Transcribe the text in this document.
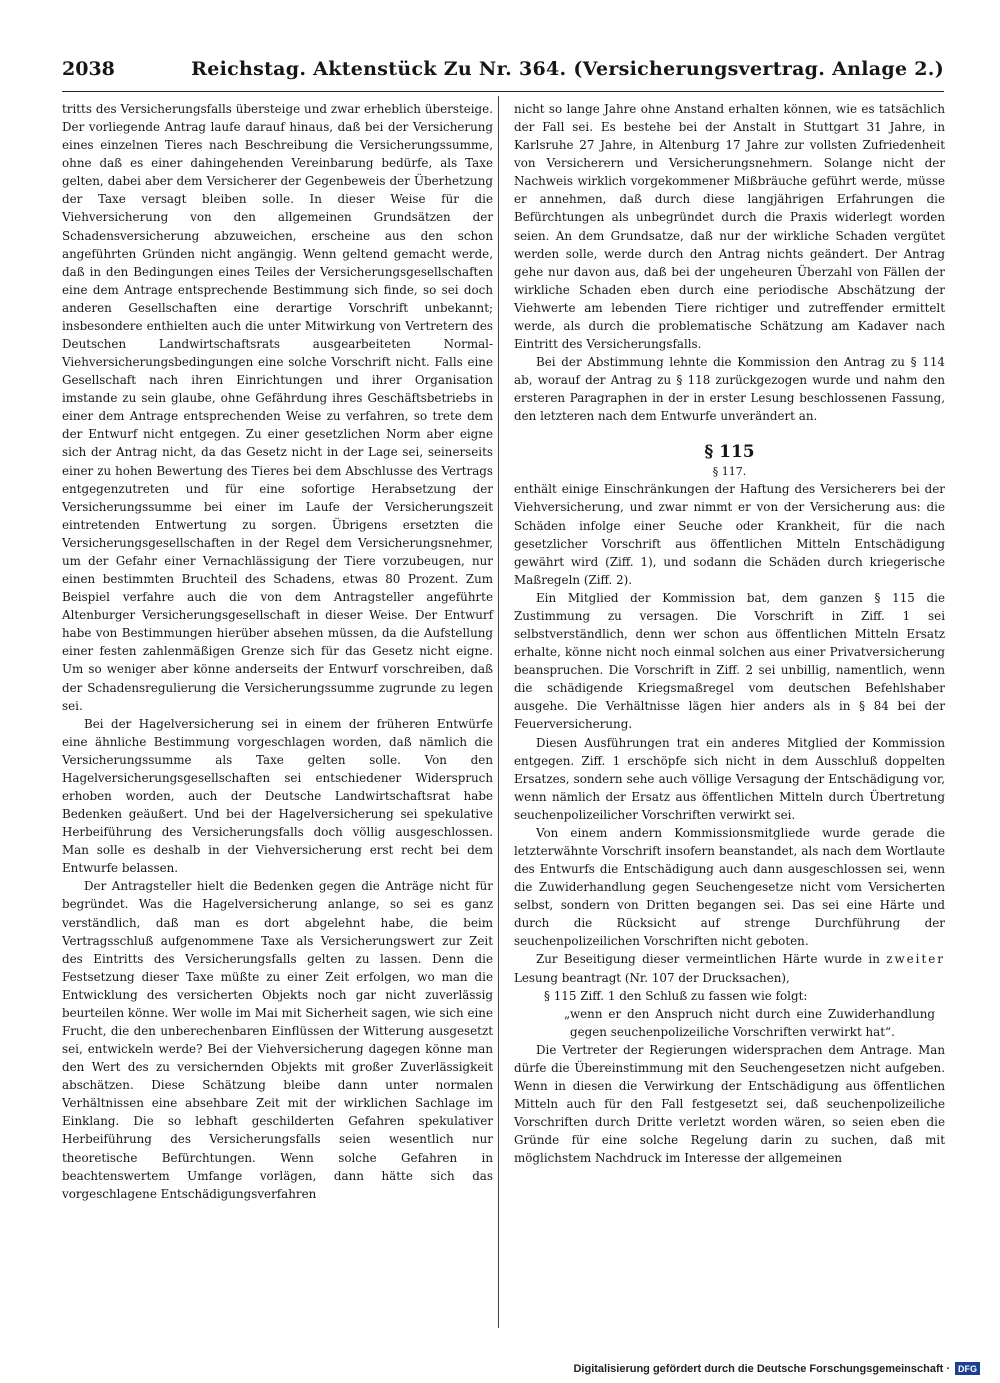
2038	Reichstag. Aktenstück Zu Nr. 364. (Versicherungsvertrag. Anlage 2.)

tritts des Versicherungsfalls übersteige und zwar erheblich übersteige. Der vorliegende Antrag laufe darauf hinaus, daß bei der Versicherung eines einzelnen Tieres nach Beschreibung die Versicherungssumme, ohne daß es einer dahingehenden Vereinbarung bedürfe, als Taxe gelten, dabei aber dem Versicherer der Gegenbeweis der Überhetzung der Taxe versagt bleiben solle. In dieser Weise für die Viehversicherung von den allgemeinen Grundsätzen der Schadensversicherung abzuweichen, erscheine aus den schon angeführten Gründen nicht angängig. Wenn geltend gemacht werde, daß in den Bedingungen eines Teiles der Versicherungsgesellschaften eine dem Antrage entsprechende Bestimmung sich finde, so sei doch anderen Gesellschaften eine derartige Vorschrift unbekannt; insbesondere enthielten auch die unter Mitwirkung von Vertretern des Deutschen Landwirtschaftsrats ausgearbeiteten Normal-Viehversicherungsbedingungen eine solche Vorschrift nicht. Falls eine Gesellschaft nach ihren Einrichtungen und ihrer Organisation imstande zu sein glaube, ohne Gefährdung ihres Geschäftsbetriebs in einer dem Antrage entsprechenden Weise zu verfahren, so trete dem der Entwurf nicht entgegen. Zu einer gesetzlichen Norm aber eigne sich der Antrag nicht, da das Gesetz nicht in der Lage sei, seinerseits einer zu hohen Bewertung des Tieres bei dem Abschlusse des Vertrags entgegenzutreten und für eine sofortige Herabsetzung der Versicherungssumme bei einer im Laufe der Versicherungszeit eintretenden Entwertung zu sorgen. Übrigens ersetzten die Versicherungsgesellschaften in der Regel dem Versicherungsnehmer, um der Gefahr einer Vernachlässigung der Tiere vorzubeugen, nur einen bestimmten Bruchteil des Schadens, etwas 80 Prozent. Zum Beispiel verfahre auch die von dem Antragsteller angeführte Altenburger Versicherungsgesellschaft in dieser Weise. Der Entwurf habe von Bestimmungen hierüber absehen müssen, da die Aufstellung einer festen zahlenmäßigen Grenze sich für das Gesetz nicht eigne. Um so weniger aber könne anderseits der Entwurf vorschreiben, daß der Schadensregulierung die Versicherungssumme zugrunde zu legen sei.

Bei der Hagelversicherung sei in einem der früheren Entwürfe eine ähnliche Bestimmung vorgeschlagen worden, daß nämlich die Versicherungssumme als Taxe gelten solle. Von den Hagelversicherungsgesellschaften sei entschiedener Widerspruch erhoben worden, auch der Deutsche Landwirtschaftsrat habe Bedenken geäußert. Und bei der Hagelversicherung sei spekulative Herbeiführung des Versicherungsfalls doch völlig ausgeschlossen. Man solle es deshalb in der Viehversicherung erst recht bei dem Entwurfe belassen.

Der Antragsteller hielt die Bedenken gegen die Anträge nicht für begründet. Was die Hagelversicherung anlange, so sei es ganz verständlich, daß man es dort abgelehnt habe, die beim Vertragsschluß aufgenommene Taxe als Versicherungswert zur Zeit des Eintritts des Versicherungsfalls gelten zu lassen. Denn die Festsetzung dieser Taxe müßte zu einer Zeit erfolgen, wo man die Entwicklung des versicherten Objekts noch gar nicht zuverlässig beurteilen könne. Wer wolle im Mai mit Sicherheit sagen, wie sich eine Frucht, die den unberechenbaren Einflüssen der Witterung ausgesetzt sei, entwickeln werde? Bei der Viehversicherung dagegen könne man den Wert des zu versichernden Objekts mit großer Zuverlässigkeit abschätzen. Diese Schätzung bleibe dann unter normalen Verhältnissen eine absehbare Zeit mit der wirklichen Sachlage im Einklang. Die so lebhaft geschilderten Gefahren spekulativer Herbeiführung des Versicherungsfalls seien wesentlich nur theoretische Befürchtungen. Wenn solche Gefahren in beachtenswertem Umfange vorlägen, dann hätte sich das vorgeschlagene Entschädigungsverfahren

nicht so lange Jahre ohne Anstand erhalten können, wie es tatsächlich der Fall sei. Es bestehe bei der Anstalt in Stuttgart 31 Jahre, in Karlsruhe 27 Jahre, in Altenburg 17 Jahre zur vollsten Zufriedenheit von Versicherern und Versicherungsnehmern. Solange nicht der Nachweis wirklich vorgekommener Mißbräuche geführt werde, müsse er annehmen, daß durch diese langjährigen Erfahrungen die Befürchtungen als unbegründet durch die Praxis widerlegt worden seien. An dem Grundsatze, daß nur der wirkliche Schaden vergütet werden solle, werde durch den Antrag nichts geändert. Der Antrag gehe nur davon aus, daß bei der ungeheuren Überzahl von Fällen der wirkliche Schaden eben durch eine periodische Abschätzung der Viehwerte am lebenden Tiere richtiger und zutreffender ermittelt werde, als durch die problematische Schätzung am Kadaver nach Eintritt des Versicherungsfalls.

Bei der Abstimmung lehnte die Kommission den Antrag zu § 114 ab, worauf der Antrag zu § 118 zurückgezogen wurde und nahm den ersteren Paragraphen in der in erster Lesung beschlossenen Fassung, den letzteren nach dem Entwurfe unverändert an.

§ 115
§ 117.

enthält einige Einschränkungen der Haftung des Versicherers bei der Viehversicherung, und zwar nimmt er von der Versicherung aus: die Schäden infolge einer Seuche oder Krankheit, für die nach gesetzlicher Vorschrift aus öffentlichen Mitteln Entschädigung gewährt wird (Ziff. 1), und sodann die Schäden durch kriegerische Maßregeln (Ziff. 2).

Ein Mitglied der Kommission bat, dem ganzen § 115 die Zustimmung zu versagen. Die Vorschrift in Ziff. 1 sei selbstverständlich, denn wer schon aus öffentlichen Mitteln Ersatz erhalte, könne nicht noch einmal solchen aus einer Privatversicherung beanspruchen. Die Vorschrift in Ziff. 2 sei unbillig, namentlich, wenn die schädigende Kriegsmaßregel vom deutschen Befehlshaber ausgehe. Die Verhältnisse lägen hier anders als in § 84 bei der Feuerversicherung.

Diesen Ausführungen trat ein anderes Mitglied der Kommission entgegen. Ziff. 1 erschöpfe sich nicht in dem Ausschluß doppelten Ersatzes, sondern sehe auch völlige Versagung der Entschädigung vor, wenn nämlich der Ersatz aus öffentlichen Mitteln durch Übertretung seuchenpolizeilicher Vorschriften verwirkt sei.

Von einem andern Kommissionsmitgliede wurde gerade die letzterwähnte Vorschrift insofern beanstandet, als nach dem Wortlaute des Entwurfs die Entschädigung auch dann ausgeschlossen sei, wenn die Zuwiderhandlung gegen Seuchengesetze nicht vom Versicherten selbst, sondern von Dritten begangen sei. Das sei eine Härte und durch die Rücksicht auf strenge Durchführung der seuchenpolizeilichen Vorschriften nicht geboten.

Zur Beseitigung dieser vermeintlichen Härte wurde in zweiter Lesung beantragt (Nr. 107 der Drucksachen),

§ 115 Ziff. 1 den Schluß zu fassen wie folgt:

„wenn er den Anspruch nicht durch eine Zuwiderhandlung gegen seuchenpolizeiliche Vorschriften verwirkt hat“.

Die Vertreter der Regierungen widersprachen dem Antrage. Man dürfe die Übereinstimmung mit den Seuchengesetzen nicht aufgeben. Wenn in diesen die Verwirkung der Entschädigung aus öffentlichen Mitteln auch für den Fall festgesetzt sei, daß seuchenpolizeiliche Vorschriften durch Dritte verletzt worden wären, so seien eben die Gründe für eine solche Regelung darin zu suchen, daß mit möglichstem Nachdruck im Interesse der allgemeinen

Digitalisierung gefördert durch die Deutsche Forschungsgemeinschaft · DFG
